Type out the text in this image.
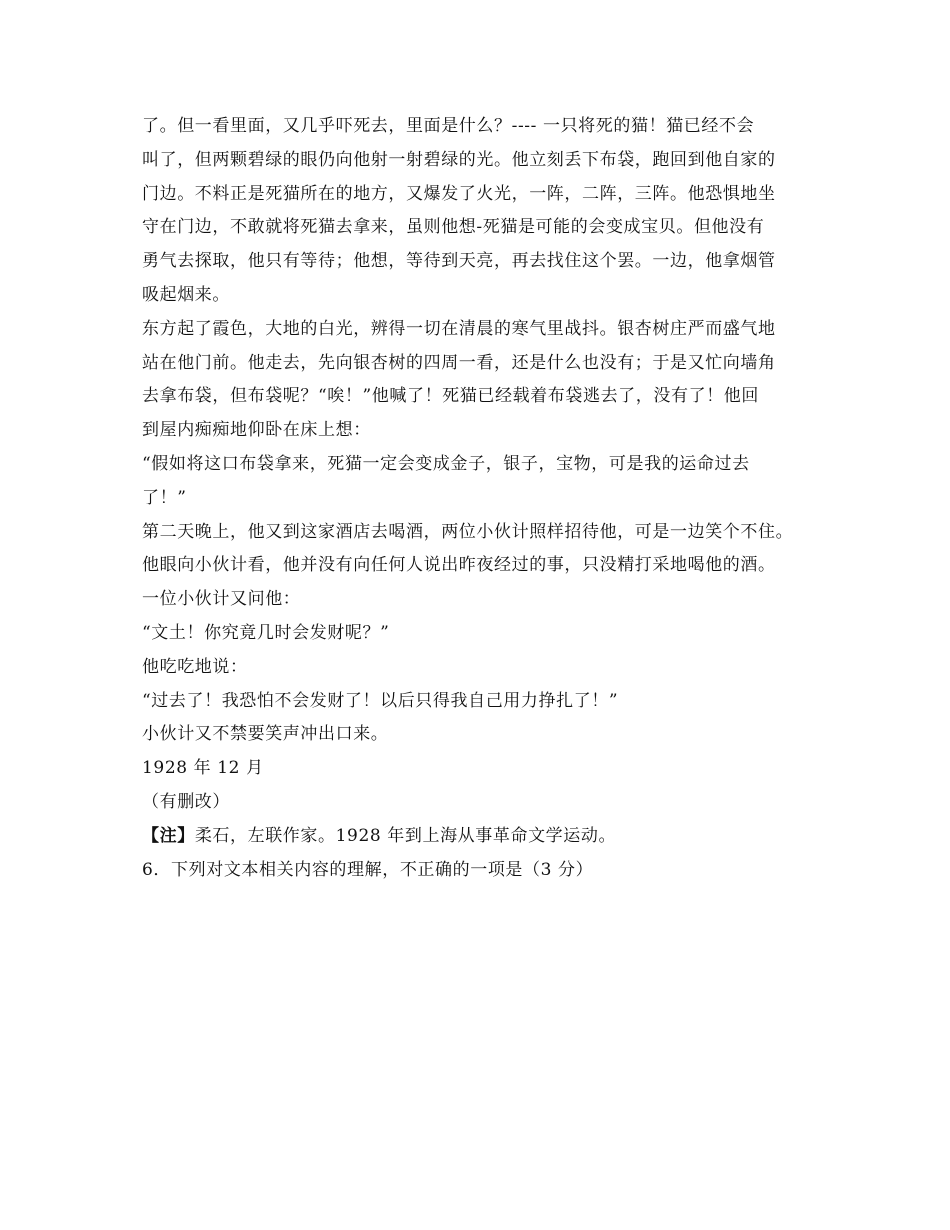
了。但一看里面，又几乎吓死去，里面是什么？---- 一只将死的猫！猫已经不会
叫了，但两颗碧绿的眼仍向他射一射碧绿的光。他立刻丢下布袋，跑回到他自家的
门边。不料正是死猫所在的地方，又爆发了火光，一阵，二阵，三阵。他恐惧地坐
守在门边，不敢就将死猫去拿来，虽则他想-死猫是可能的会变成宝贝。但他没有
勇气去探取，他只有等待；他想，等待到天亮，再去找住这个罢。一边，他拿烟管
吸起烟来。
东方起了霞色，大地的白光，辨得一切在清晨的寒气里战抖。银杏树庄严而盛气地
站在他门前。他走去，先向银杏树的四周一看，还是什么也没有；于是又忙向墙角
去拿布袋，但布袋呢？“唉！”他喊了！死猫已经载着布袋逃去了，没有了！他回
到屋内痴痴地仰卧在床上想：
“假如将这口布袋拿来，死猫一定会变成金子，银子，宝物，可是我的运命过去
了！”
第二天晚上，他又到这家酒店去喝酒，两位小伙计照样招待他，可是一边笑个不住。
他眼向小伙计看，他并没有向任何人说出昨夜经过的事，只没精打采地喝他的酒。
一位小伙计又问他：
“文土！你究竟几时会发财呢？”
他吃吃地说：
“过去了！我恐怕不会发财了！以后只得我自己用力挣扎了！”
小伙计又不禁要笑声冲出口来。
1928 年 12 月
（有删改）
【注】柔石，左联作家。1928 年到上海从事革命文学运动。
6．下列对文本相关内容的理解，不正确的一项是（3 分）
